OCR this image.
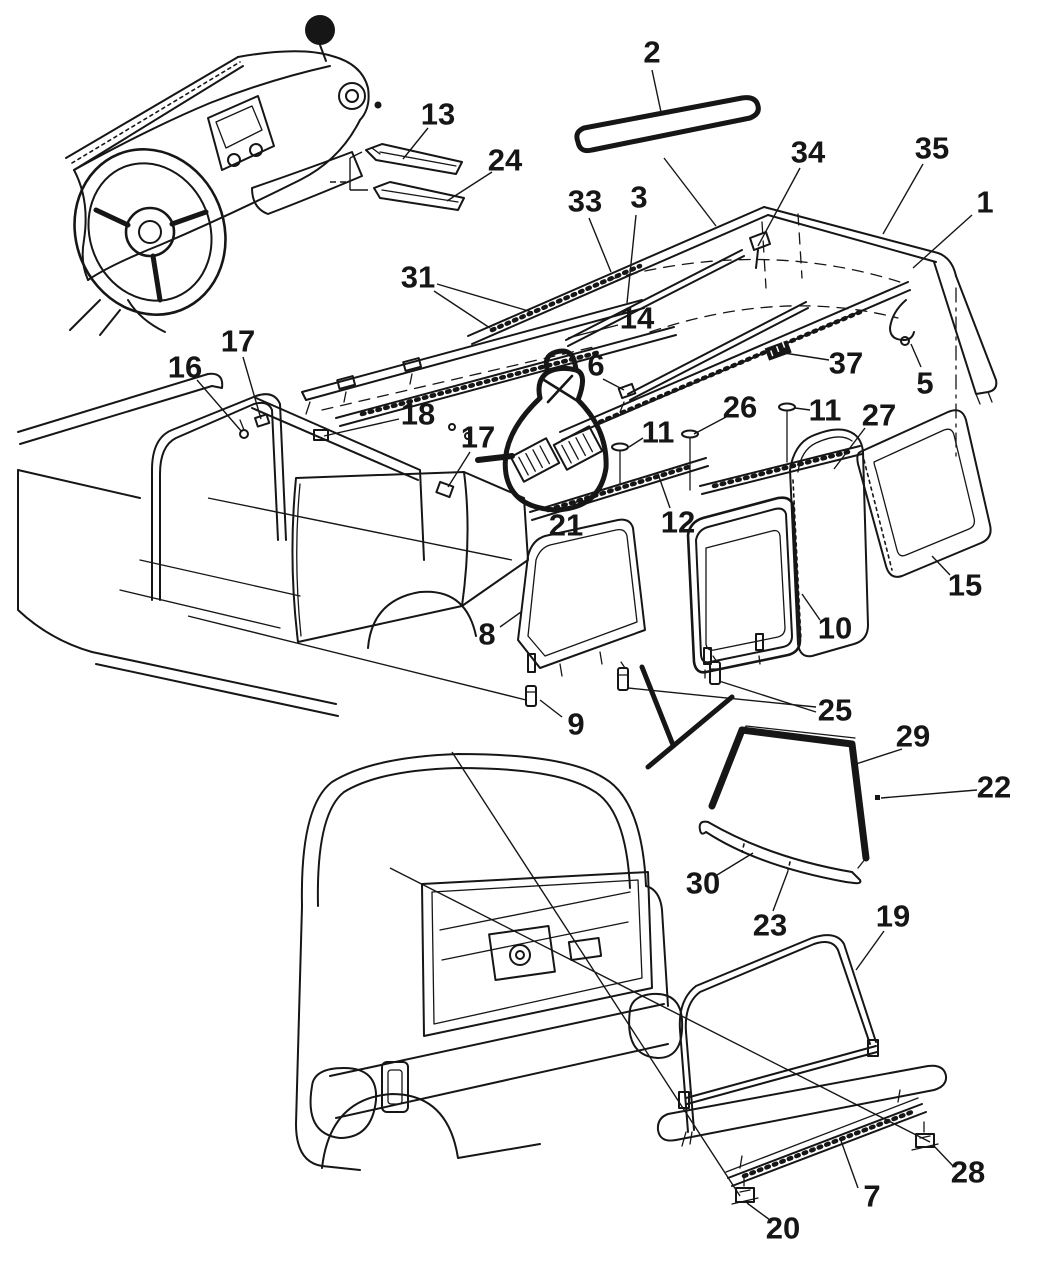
2
13
24	34	35
1
33 3
31
14
6	37
5
17
16
18
17
26
11
11 27
21	12
15
10
8
9	25
29
22
30
23	19
28
7
20
